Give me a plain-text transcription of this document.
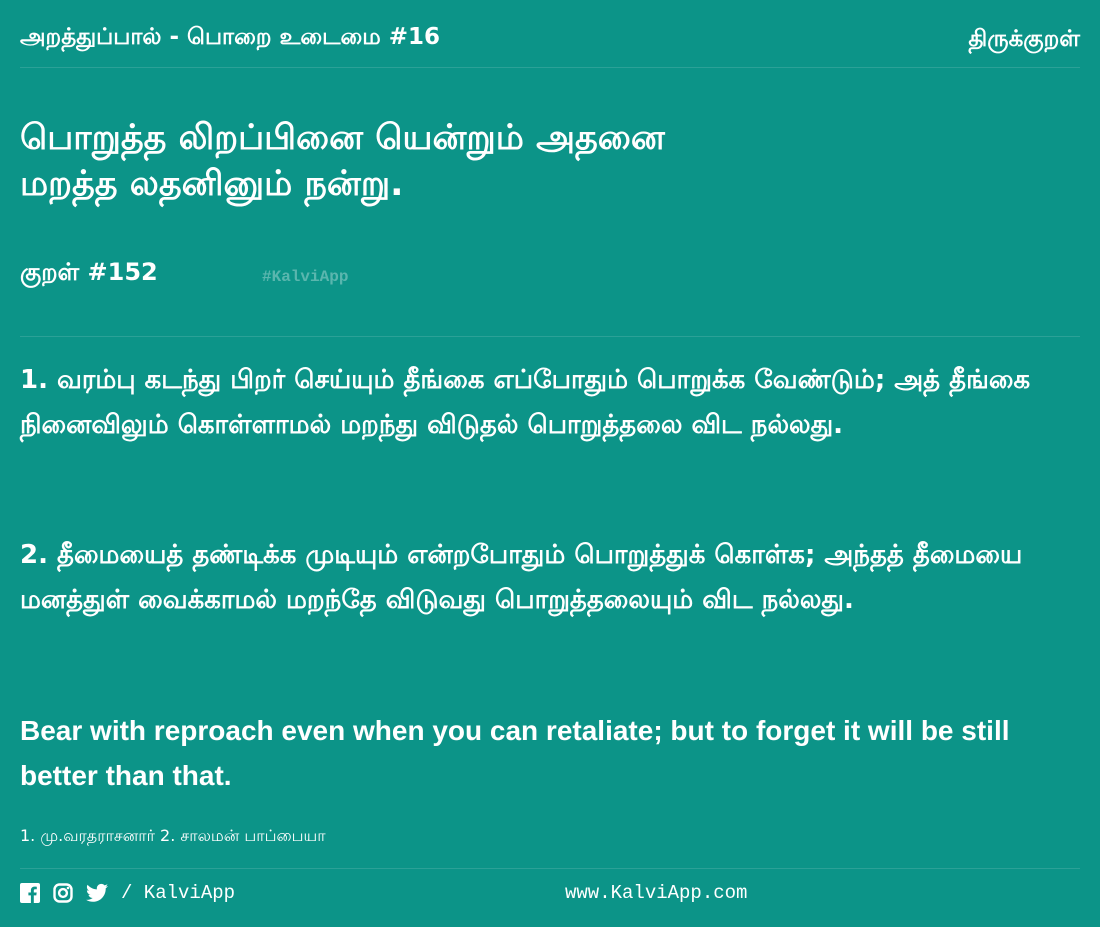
அறத்துப்பால் - பொறை உடைமை #16	திருக்குறள்
பொறுத்த லிறப்பினை யென்றும் அதனை
மறத்த லதனினும் நன்று.
குறள் #152	#KalviApp
1. வரம்பு கடந்து பிறர் செய்யும் தீங்கை எப்போதும் பொறுக்க வேண்டும்; அத் தீங்கை நினைவிலும் கொள்ளாமல் மறந்து விடுதல் பொறுத்தலை விட நல்லது.
2. தீமையைத் தண்டிக்க முடியும் என்றபோதும் பொறுத்துக் கொள்க; அந்தத் தீமையை மனத்துள் வைக்காமல் மறந்தே விடுவது பொறுத்தலையும் விட நல்லது.
Bear with reproach even when you can retaliate; but to forget it will be still better than that.
1. மு.வரதராசனார் 2. சாலமன் பாப்பையா
/ KalviApp	www.KalviApp.com
